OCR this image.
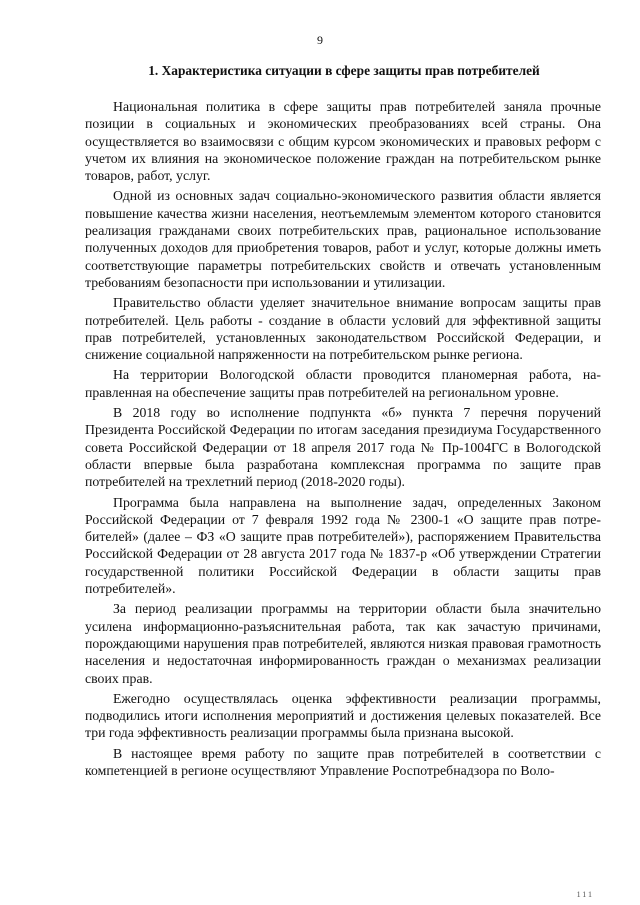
9
1. Характеристика ситуации в сфере защиты прав потребителей

Национальная политика в сфере защиты прав потребителей заняла прочные позиции в социальных и экономических преобразованиях всей страны. Она осуществляется во взаимосвязи с общим курсом экономических и правовых реформ с учетом их влияния на экономическое положение граждан на потребительском рынке товаров, работ, услуг.

Одной из основных задач социально-экономического развития области является повышение качества жизни населения, неотъемлемым элементом которого становится реализация гражданами своих потребительских прав, рациональное использование полученных доходов для приобретения товаров, работ и услуг, которые должны иметь соответствующие параметры потребительских свойств и отвечать установленным требованиям безопасности при использовании и утилизации.

Правительство области уделяет значительное внимание вопросам защиты прав потребителей. Цель работы - создание в области условий для эффективной защиты прав потребителей, установленных законодательством Российской Федерации, и снижение социальной напряженности на потребительском рынке региона.

На территории Вологодской области проводится планомерная работа, направленная на обеспечение защиты прав потребителей на региональном уровне.

В 2018 году во исполнение подпункта «б» пункта 7 перечня поручений Президента Российской Федерации по итогам заседания президиума Государственного совета Российской Федерации от 18 апреля 2017 года № Пр-1004ГС в Вологодской области впервые была разработана комплексная программа по защите прав потребителей на трехлетний период (2018-2020 годы).

Программа была направлена на выполнение задач, определенных Законом Российской Федерации от 7 февраля 1992 года № 2300-1 «О защите прав потребителей» (далее – ФЗ «О защите прав потребителей»), распоряжением Правительства Российской Федерации от 28 августа 2017 года № 1837-р «Об утверждении Стратегии государственной политики Российской Федерации в области защиты прав потребителей».

За период реализации программы на территории области была значительно усилена информационно-разъяснительная работа, так как зачастую причинами, порождающими нарушения прав потребителей, являются низкая правовая грамотность населения и недостаточная информированность граждан о механизмах реализации своих прав.

Ежегодно осуществлялась оценка эффективности реализации программы, подводились итоги исполнения мероприятий и достижения целевых показателей. Все три года эффективность реализации программы была признана высокой.

В настоящее время работу по защите прав потребителей в соответствии с компетенцией в регионе осуществляют Управление Роспотребнадзора по Воло-

111
